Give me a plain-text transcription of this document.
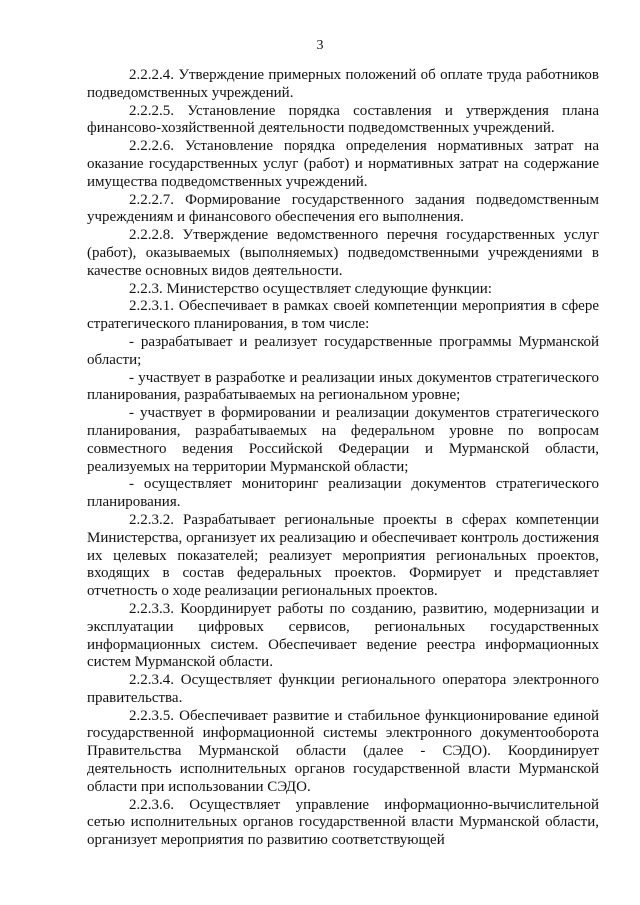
3

2.2.2.4. Утверждение примерных положений об оплате труда работников подведомственных учреждений.

2.2.2.5. Установление порядка составления и утверждения плана финансово-хозяйственной деятельности подведомственных учреждений.

2.2.2.6. Установление порядка определения нормативных затрат на оказание государственных услуг (работ) и нормативных затрат на содержание имущества подведомственных учреждений.

2.2.2.7. Формирование государственного задания подведомственным учреждениям и финансового обеспечения его выполнения.

2.2.2.8. Утверждение ведомственного перечня государственных услуг (работ), оказываемых (выполняемых) подведомственными учреждениями в качестве основных видов деятельности.

2.2.3. Министерство осуществляет следующие функции:

2.2.3.1. Обеспечивает в рамках своей компетенции мероприятия в сфере стратегического планирования, в том числе:

- разрабатывает и реализует государственные программы Мурманской области;

- участвует в разработке и реализации иных документов стратегического планирования, разрабатываемых на региональном уровне;

- участвует в формировании и реализации документов стратегического планирования, разрабатываемых на федеральном уровне по вопросам совместного ведения Российской Федерации и Мурманской области, реализуемых на территории Мурманской области;

- осуществляет мониторинг реализации документов стратегического планирования.

2.2.3.2. Разрабатывает региональные проекты в сферах компетенции Министерства, организует их реализацию и обеспечивает контроль достижения их целевых показателей; реализует мероприятия региональных проектов, входящих в состав федеральных проектов. Формирует и представляет отчетность о ходе реализации региональных проектов.

2.2.3.3. Координирует работы по созданию, развитию, модернизации и эксплуатации цифровых сервисов, региональных государственных информационных систем. Обеспечивает ведение реестра информационных систем Мурманской области.

2.2.3.4. Осуществляет функции регионального оператора электронного правительства.

2.2.3.5. Обеспечивает развитие и стабильное функционирование единой государственной информационной системы электронного документооборота Правительства Мурманской области (далее - СЭДО). Координирует деятельность исполнительных органов государственной власти Мурманской области при использовании СЭДО.

2.2.3.6. Осуществляет управление информационно-вычислительной сетью исполнительных органов государственной власти Мурманской области, организует мероприятия по развитию соответствующей
